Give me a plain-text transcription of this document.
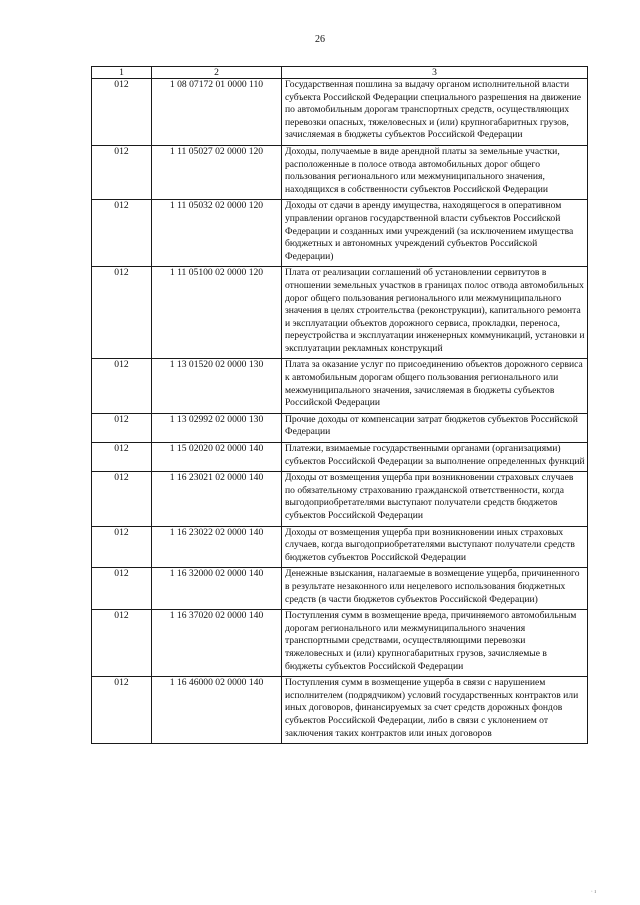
26
1	2	3
012	1 08 07172 01 0000 110	Государственная пошлина за выдачу органом исполнительной власти субъекта Российской Федерации специального разрешения на движение по автомобильным дорогам транспортных средств, осуществляющих перевозки опасных, тяжеловесных и (или) крупногабаритных грузов, зачисляемая в бюджеты субъектов Российской Федерации
012	1 11 05027 02 0000 120	Доходы, получаемые в виде арендной платы за земельные участки, расположенные в полосе отвода автомобильных дорог общего пользования регионального или межмуниципального значения, находящихся в собственности субъектов Российской Федерации
012	1 11 05032 02 0000 120	Доходы от сдачи в аренду имущества, находящегося в оперативном управлении органов государственной власти субъектов Российской Федерации и созданных ими учреждений (за исключением имущества бюджетных и автономных учреждений субъектов Российской Федерации)
012	1 11 05100 02 0000 120	Плата от реализации соглашений об установлении сервитутов в отношении земельных участков в границах полос отвода автомобильных дорог общего пользования регионального или межмуниципального значения в целях строительства (реконструкции), капитального ремонта и эксплуатации объектов дорожного сервиса, прокладки, переноса, переустройства и эксплуатации инженерных коммуникаций, установки и эксплуатации рекламных конструкций
012	1 13 01520 02 0000 130	Плата за оказание услуг по присоединению объектов дорожного сервиса к автомобильным дорогам общего пользования регионального или межмуниципального значения, зачисляемая в бюджеты субъектов Российской Федерации
012	1 13 02992 02 0000 130	Прочие доходы от компенсации затрат бюджетов субъектов Российской Федерации
012	1 15 02020 02 0000 140	Платежи, взимаемые государственными органами (организациями) субъектов Российской Федерации за выполнение определенных функций
012	1 16 23021 02 0000 140	Доходы от возмещения ущерба при возникновении страховых случаев по обязательному страхованию гражданской ответственности, когда выгодоприобретателями выступают получатели средств бюджетов субъектов Российской Федерации
012	1 16 23022 02 0000 140	Доходы от возмещения ущерба при возникновении иных страховых случаев, когда выгодоприобретателями выступают получатели средств бюджетов субъектов Российской Федерации
012	1 16 32000 02 0000 140	Денежные взыскания, налагаемые в возмещение ущерба, причиненного в результате незаконного или нецелевого использования бюджетных средств (в части бюджетов субъектов Российской Федерации)
012	1 16 37020 02 0000 140	Поступления сумм в возмещение вреда, причиняемого автомобильным дорогам регионального или межмуниципального значения транспортными средствами, осуществляющими перевозки тяжеловесных и (или) крупногабаритных грузов, зачисляемые в бюджеты субъектов Российской Федерации
012	1 16 46000 02 0000 140	Поступления сумм в возмещение ущерба в связи с нарушением исполнителем (подрядчиком) условий государственных контрактов или иных договоров, финансируемых за счет средств дорожных фондов субъектов Российской Федерации, либо в связи с уклонением от заключения таких контрактов или иных договоров
· ı
